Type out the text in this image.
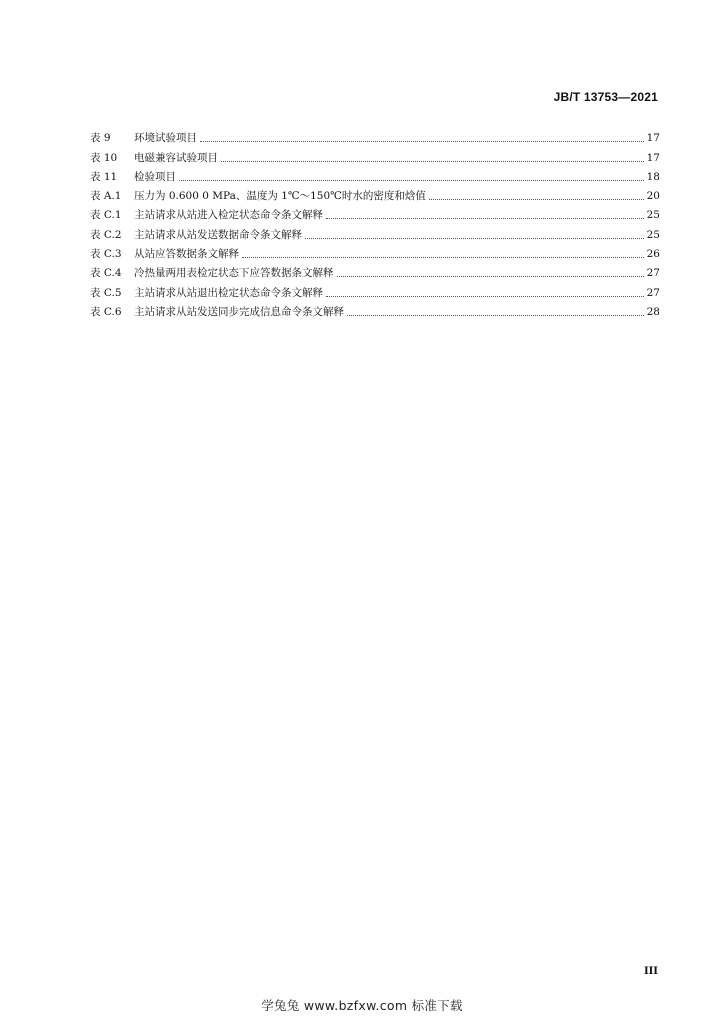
JB/T 13753—2021
表 9	环境试验项目	17
表 10	电磁兼容试验项目	17
表 11	检验项目	18
表 A.1	压力为 0.600 0 MPa、温度为 1℃～150℃时水的密度和焓值	20
表 C.1	主站请求从站进入检定状态命令条文解释	25
表 C.2	主站请求从站发送数据命令条文解释	25
表 C.3	从站应答数据条文解释	26
表 C.4	冷热量两用表检定状态下应答数据条文解释	27
表 C.5	主站请求从站退出检定状态命令条文解释	27
表 C.6	主站请求从站发送同步完成信息命令条文解释	28
III
学兔兔 www.bzfxw.com 标准下载
